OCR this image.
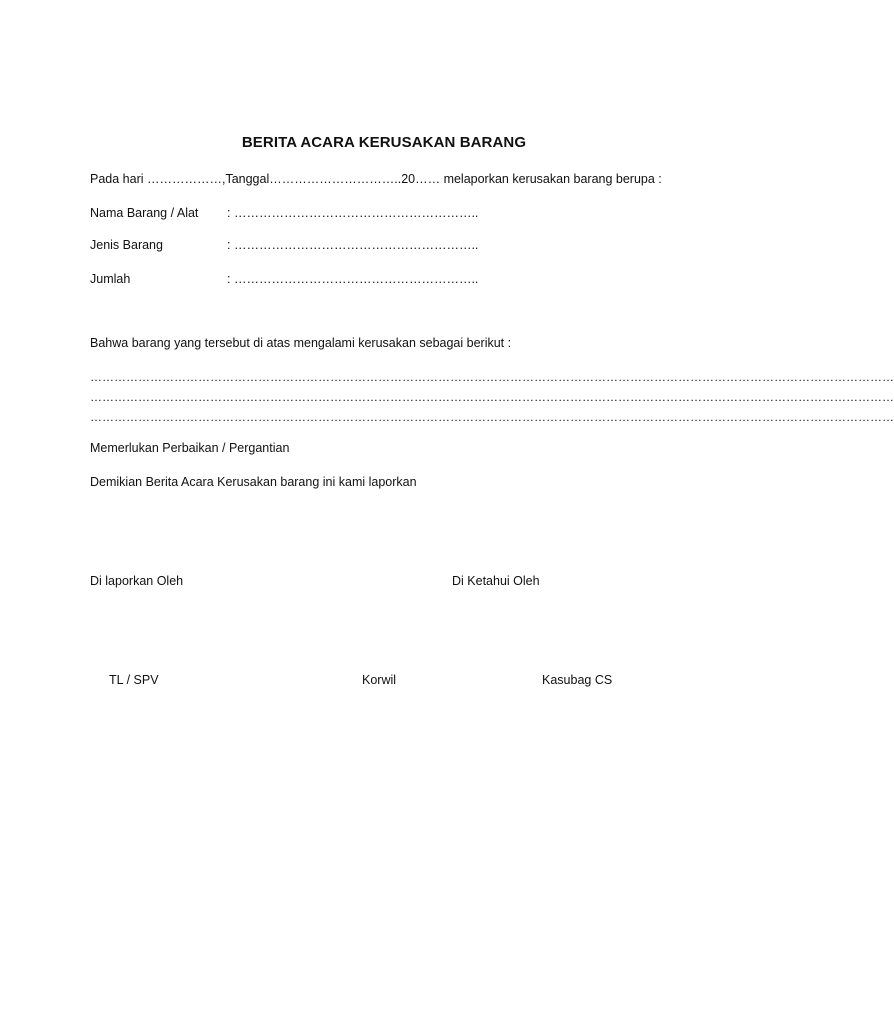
BERITA ACARA KERUSAKAN BARANG
Pada hari ………………,Tanggal…………………………..20…… melaporkan kerusakan barang berupa :
Nama Barang / Alat : …………………………………………………..
Jenis Barang	: …………………………………………………..
Jumlah	: …………………………………………………..
Bahwa barang yang tersebut di atas mengalami kerusakan sebagai berikut :
…………………………………………………………………………………………………………………………………………………………………………………
…………………………………………………………………………………………………………………………………………………………………………………
…………………………………………………………………………………………………………………………………………………………………………………
Memerlukan Perbaikan / Pergantian
Demikian Berita Acara Kerusakan barang ini kami laporkan
Di laporkan Oleh	Di Ketahui Oleh
TL / SPV	Korwil	Kasubag CS
